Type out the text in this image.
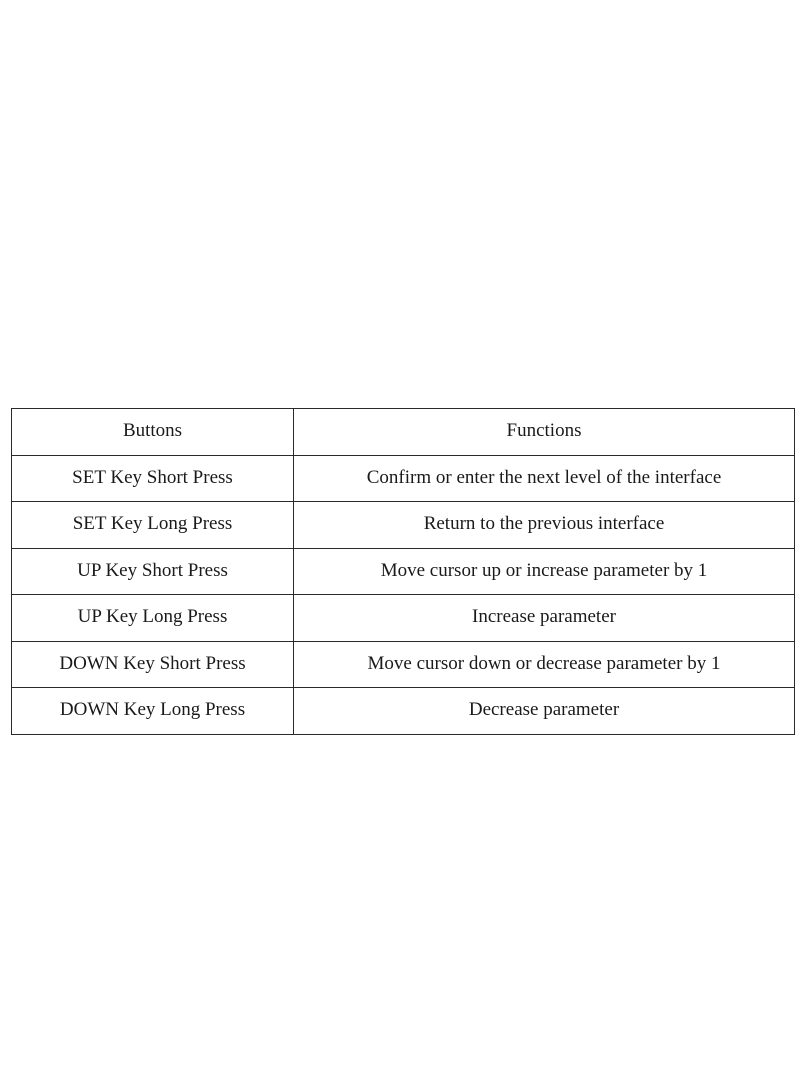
Buttons	Functions
SET Key Short Press	Confirm or enter the next level of the interface
SET Key Long Press	Return to the previous interface
UP Key Short Press	Move cursor up or increase parameter by 1
UP Key Long Press	Increase parameter
DOWN Key Short Press	Move cursor down or decrease parameter by 1
DOWN Key Long Press	Decrease parameter
